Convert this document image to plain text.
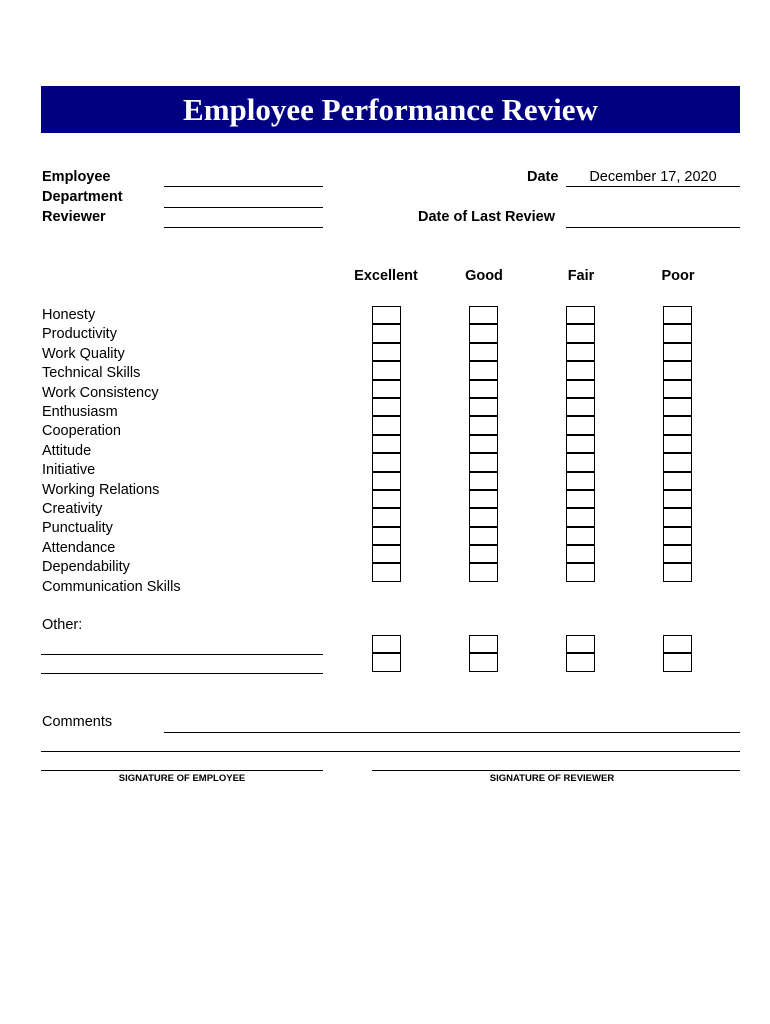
Employee Performance Review
Employee
Department
Reviewer
Date	December 17, 2020
Date of Last Review
Excellent	Good	Fair	Poor
Honesty
Productivity
Work Quality
Technical Skills
Work Consistency
Enthusiasm
Cooperation
Attitude
Initiative
Working Relations
Creativity
Punctuality
Attendance
Dependability
Communication Skills
Other:
Comments
SIGNATURE OF EMPLOYEE	SIGNATURE OF REVIEWER
